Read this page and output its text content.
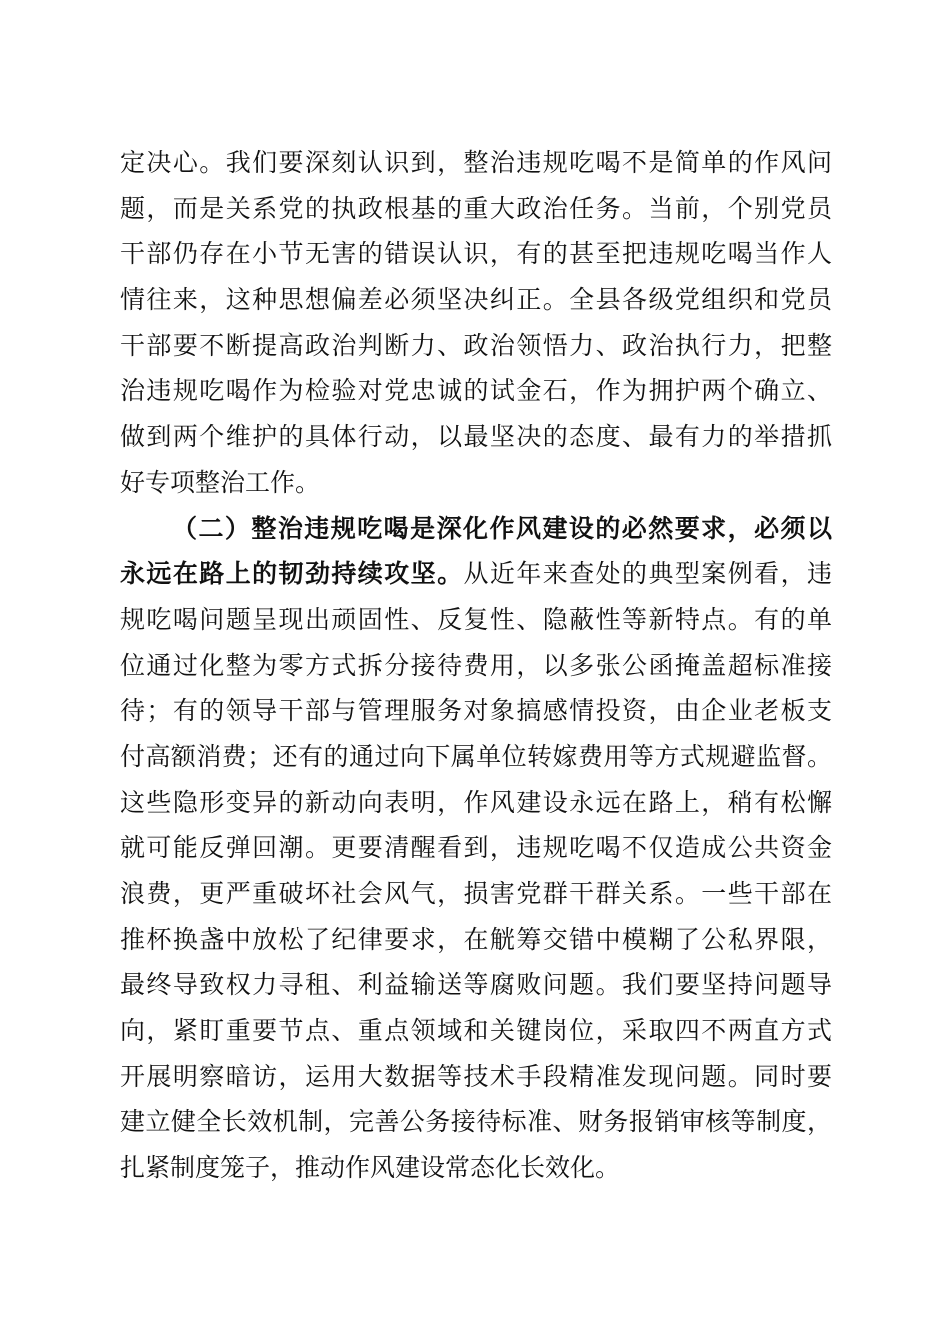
定决心。我们要深刻认识到，整治违规吃喝不是简单的作风问
题，而是关系党的执政根基的重大政治任务。当前，个别党员
干部仍存在小节无害的错误认识，有的甚至把违规吃喝当作人
情往来，这种思想偏差必须坚决纠正。全县各级党组织和党员
干部要不断提高政治判断力、政治领悟力、政治执行力，把整
治违规吃喝作为检验对党忠诚的试金石，作为拥护两个确立、
做到两个维护的具体行动，以最坚决的态度、最有力的举措抓
好专项整治工作。
（二）整治违规吃喝是深化作风建设的必然要求，必须以
永远在路上的韧劲持续攻坚。从近年来查处的典型案例看，违
规吃喝问题呈现出顽固性、反复性、隐蔽性等新特点。有的单
位通过化整为零方式拆分接待费用，以多张公函掩盖超标准接
待；有的领导干部与管理服务对象搞感情投资，由企业老板支
付高额消费；还有的通过向下属单位转嫁费用等方式规避监督。
这些隐形变异的新动向表明，作风建设永远在路上，稍有松懈
就可能反弹回潮。更要清醒看到，违规吃喝不仅造成公共资金
浪费，更严重破坏社会风气，损害党群干群关系。一些干部在
推杯换盏中放松了纪律要求，在觥筹交错中模糊了公私界限，
最终导致权力寻租、利益输送等腐败问题。我们要坚持问题导
向，紧盯重要节点、重点领域和关键岗位，采取四不两直方式
开展明察暗访，运用大数据等技术手段精准发现问题。同时要
建立健全长效机制，完善公务接待标准、财务报销审核等制度，
扎紧制度笼子，推动作风建设常态化长效化。
